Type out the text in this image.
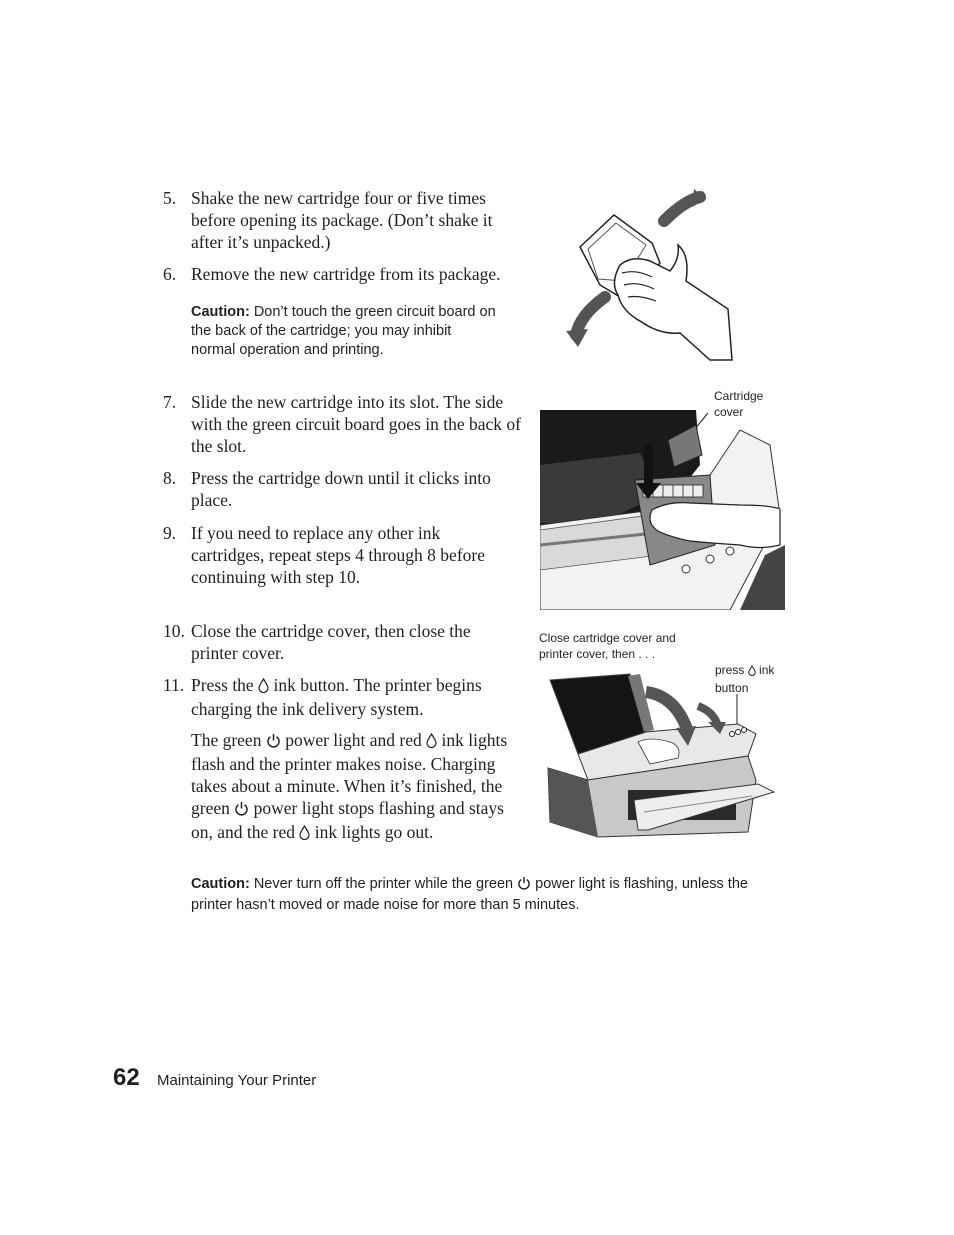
5. Shake the new cartridge four or five times before opening its package. (Don’t shake it after it’s unpacked.)
6. Remove the new cartridge from its package.
Caution: Don’t touch the green circuit board on the back of the cartridge; you may inhibit normal operation and printing.
7. Slide the new cartridge into its slot. The side with the green circuit board goes in the back of the slot.
8. Press the cartridge down until it clicks into place.
9. If you need to replace any other ink cartridges, repeat steps 4 through 8 before continuing with step 10.
Cartridge cover
10. Close the cartridge cover, then close the printer cover.
11. Press the ink button. The printer begins charging the ink delivery system.
The green power light and red ink lights flash and the printer makes noise. Charging takes about a minute. When it’s finished, the green power light stops flashing and stays on, and the red ink lights go out.
Close cartridge cover and printer cover, then . . .
press ink button
Caution: Never turn off the printer while the green power light is flashing, unless the printer hasn’t moved or made noise for more than 5 minutes.
62 Maintaining Your Printer
